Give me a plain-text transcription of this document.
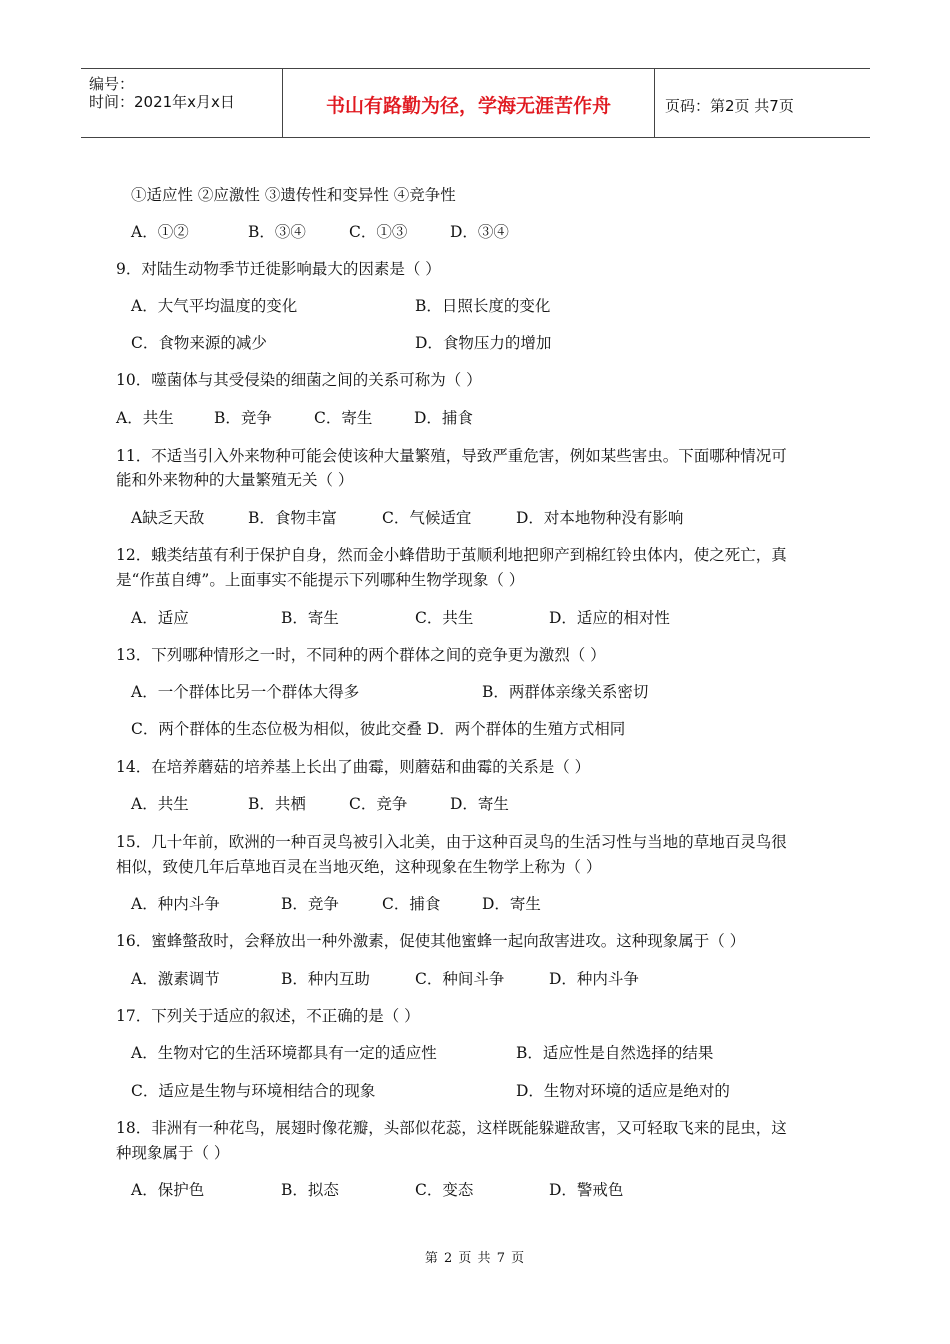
编号：
时间：2021年x月x日	书山有路勤为径，学海无涯苦作舟	页码：第2页 共7页
①适应性 ②应激性 ③遗传性和变异性 ④竞争性
A．①②	B．③④	C．①③	D．③④
9．对陆生动物季节迁徙影响最大的因素是（ ）
A．大气平均温度的变化	B．日照长度的变化
C．食物来源的减少	D．食物压力的增加
10．噬菌体与其受侵染的细菌之间的关系可称为（ ）
A．共生	B．竞争	C．寄生	D．捕食
11．不适当引入外来物种可能会使该种大量繁殖，导致严重危害，例如某些害虫。下面哪种情况可
能和外来物种的大量繁殖无关（ ）
A缺乏天敌	B．食物丰富	C．气候适宜	D．对本地物种没有影响
12．蛾类结茧有利于保护自身，然而金小蜂借助于茧顺利地把卵产到棉红铃虫体内，使之死亡，真
是“作茧自缚”。上面事实不能提示下列哪种生物学现象（ ）
A．适应	B．寄生	C．共生	D．适应的相对性
13．下列哪种情形之一时，不同种的两个群体之间的竞争更为激烈（ ）
A．一个群体比另一个群体大得多	B．两群体亲缘关系密切
C．两个群体的生态位极为相似，彼此交叠 D．两个群体的生殖方式相同
14．在培养蘑菇的培养基上长出了曲霉，则蘑菇和曲霉的关系是（ ）
A．共生	B．共栖	C．竞争	D．寄生
15．几十年前，欧洲的一种百灵鸟被引入北美，由于这种百灵鸟的生活习性与当地的草地百灵鸟很
相似，致使几年后草地百灵在当地灭绝，这种现象在生物学上称为（ ）
A．种内斗争	B．竞争	C．捕食	D．寄生
16．蜜蜂螫敌时，会释放出一种外激素，促使其他蜜蜂一起向敌害进攻。这种现象属于（ ）
A．激素调节	B．种内互助	C．种间斗争	D．种内斗争
17．下列关于适应的叙述，不正确的是（ ）
A．生物对它的生活环境都具有一定的适应性	B．适应性是自然选择的结果
C．适应是生物与环境相结合的现象	D．生物对环境的适应是绝对的
18．非洲有一种花鸟，展翅时像花瓣，头部似花蕊，这样既能躲避敌害，又可轻取飞来的昆虫，这
种现象属于（ ）
A．保护色	B．拟态	C．变态	D．警戒色
第 2 页 共 7 页
